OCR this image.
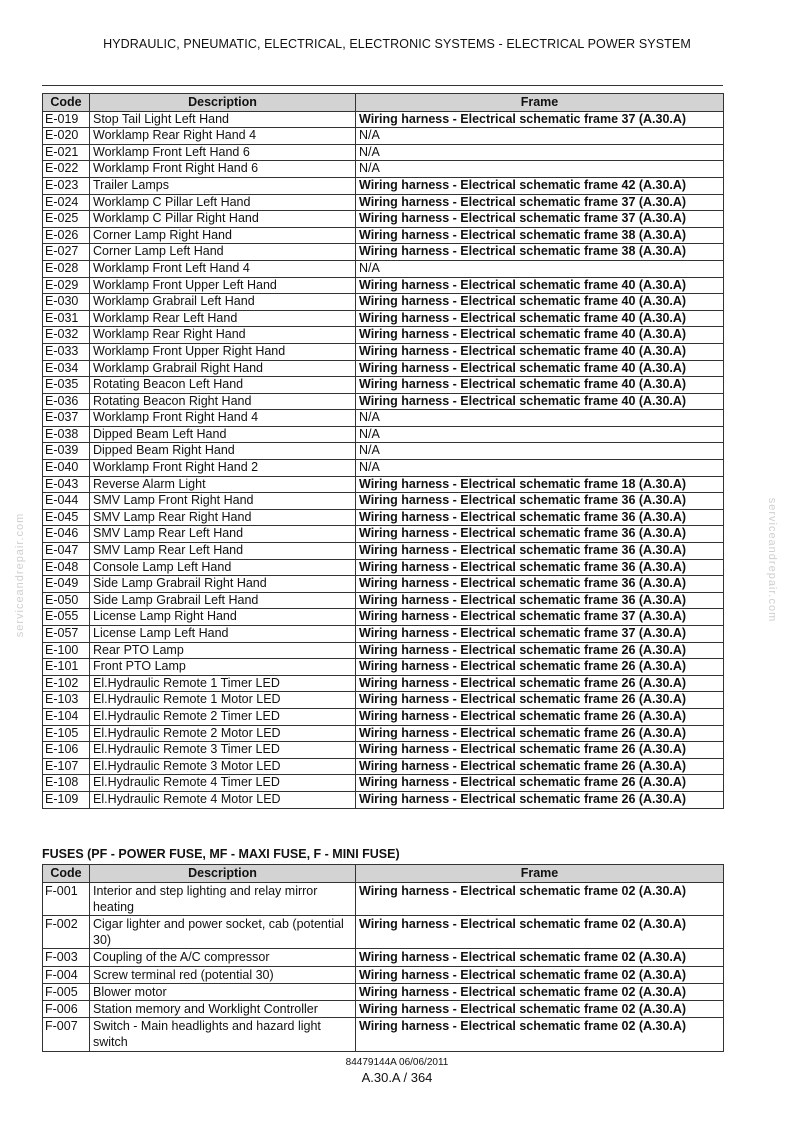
HYDRAULIC, PNEUMATIC, ELECTRICAL, ELECTRONIC SYSTEMS - ELECTRICAL POWER SYSTEM
Code	Description	Frame
E-019	Stop Tail Light Left Hand	Wiring harness - Electrical schematic frame 37 (A.30.A)
E-020	Worklamp Rear Right Hand 4	N/A
E-021	Worklamp Front Left Hand 6	N/A
E-022	Worklamp Front Right Hand 6	N/A
E-023	Trailer Lamps	Wiring harness - Electrical schematic frame 42 (A.30.A)
E-024	Worklamp C Pillar Left Hand	Wiring harness - Electrical schematic frame 37 (A.30.A)
E-025	Worklamp C Pillar Right Hand	Wiring harness - Electrical schematic frame 37 (A.30.A)
E-026	Corner Lamp Right Hand	Wiring harness - Electrical schematic frame 38 (A.30.A)
E-027	Corner Lamp Left Hand	Wiring harness - Electrical schematic frame 38 (A.30.A)
E-028	Worklamp Front Left Hand 4	N/A
E-029	Worklamp Front Upper Left Hand	Wiring harness - Electrical schematic frame 40 (A.30.A)
E-030	Worklamp Grabrail Left Hand	Wiring harness - Electrical schematic frame 40 (A.30.A)
E-031	Worklamp Rear Left Hand	Wiring harness - Electrical schematic frame 40 (A.30.A)
E-032	Worklamp Rear Right Hand	Wiring harness - Electrical schematic frame 40 (A.30.A)
E-033	Worklamp Front Upper Right Hand	Wiring harness - Electrical schematic frame 40 (A.30.A)
E-034	Worklamp Grabrail Right Hand	Wiring harness - Electrical schematic frame 40 (A.30.A)
E-035	Rotating Beacon Left Hand	Wiring harness - Electrical schematic frame 40 (A.30.A)
E-036	Rotating Beacon Right Hand	Wiring harness - Electrical schematic frame 40 (A.30.A)
E-037	Worklamp Front Right Hand 4	N/A
E-038	Dipped Beam Left Hand	N/A
E-039	Dipped Beam Right Hand	N/A
E-040	Worklamp Front Right Hand 2	N/A
E-043	Reverse Alarm Light	Wiring harness - Electrical schematic frame 18 (A.30.A)
E-044	SMV Lamp Front Right Hand	Wiring harness - Electrical schematic frame 36 (A.30.A)
E-045	SMV Lamp Rear Right Hand	Wiring harness - Electrical schematic frame 36 (A.30.A)
E-046	SMV Lamp Rear Left Hand	Wiring harness - Electrical schematic frame 36 (A.30.A)
E-047	SMV Lamp Rear Left Hand	Wiring harness - Electrical schematic frame 36 (A.30.A)
E-048	Console Lamp Left Hand	Wiring harness - Electrical schematic frame 36 (A.30.A)
E-049	Side Lamp Grabrail Right Hand	Wiring harness - Electrical schematic frame 36 (A.30.A)
E-050	Side Lamp Grabrail Left Hand	Wiring harness - Electrical schematic frame 36 (A.30.A)
E-055	License Lamp Right Hand	Wiring harness - Electrical schematic frame 37 (A.30.A)
E-057	License Lamp Left Hand	Wiring harness - Electrical schematic frame 37 (A.30.A)
E-100	Rear PTO Lamp	Wiring harness - Electrical schematic frame 26 (A.30.A)
E-101	Front PTO Lamp	Wiring harness - Electrical schematic frame 26 (A.30.A)
E-102	El.Hydraulic Remote 1 Timer LED	Wiring harness - Electrical schematic frame 26 (A.30.A)
E-103	El.Hydraulic Remote 1 Motor LED	Wiring harness - Electrical schematic frame 26 (A.30.A)
E-104	El.Hydraulic Remote 2 Timer LED	Wiring harness - Electrical schematic frame 26 (A.30.A)
E-105	El.Hydraulic Remote 2 Motor LED	Wiring harness - Electrical schematic frame 26 (A.30.A)
E-106	El.Hydraulic Remote 3 Timer LED	Wiring harness - Electrical schematic frame 26 (A.30.A)
E-107	El.Hydraulic Remote 3 Motor LED	Wiring harness - Electrical schematic frame 26 (A.30.A)
E-108	El.Hydraulic Remote 4 Timer LED	Wiring harness - Electrical schematic frame 26 (A.30.A)
E-109	El.Hydraulic Remote 4 Motor LED	Wiring harness - Electrical schematic frame 26 (A.30.A)
FUSES (PF - POWER FUSE, MF - MAXI FUSE, F - MINI FUSE)
Code	Description	Frame
F-001	Interior and step lighting and relay mirror heating	Wiring harness - Electrical schematic frame 02 (A.30.A)
F-002	Cigar lighter and power socket, cab (potential 30)	Wiring harness - Electrical schematic frame 02 (A.30.A)
F-003	Coupling of the A/C compressor	Wiring harness - Electrical schematic frame 02 (A.30.A)
F-004	Screw terminal red (potential 30)	Wiring harness - Electrical schematic frame 02 (A.30.A)
F-005	Blower motor	Wiring harness - Electrical schematic frame 02 (A.30.A)
F-006	Station memory and Worklight Controller	Wiring harness - Electrical schematic frame 02 (A.30.A)
F-007	Switch - Main headlights and hazard light switch	Wiring harness - Electrical schematic frame 02 (A.30.A)
84479144A 06/06/2011
A.30.A / 364
serviceandrepair.com	serviceandrepair.com
